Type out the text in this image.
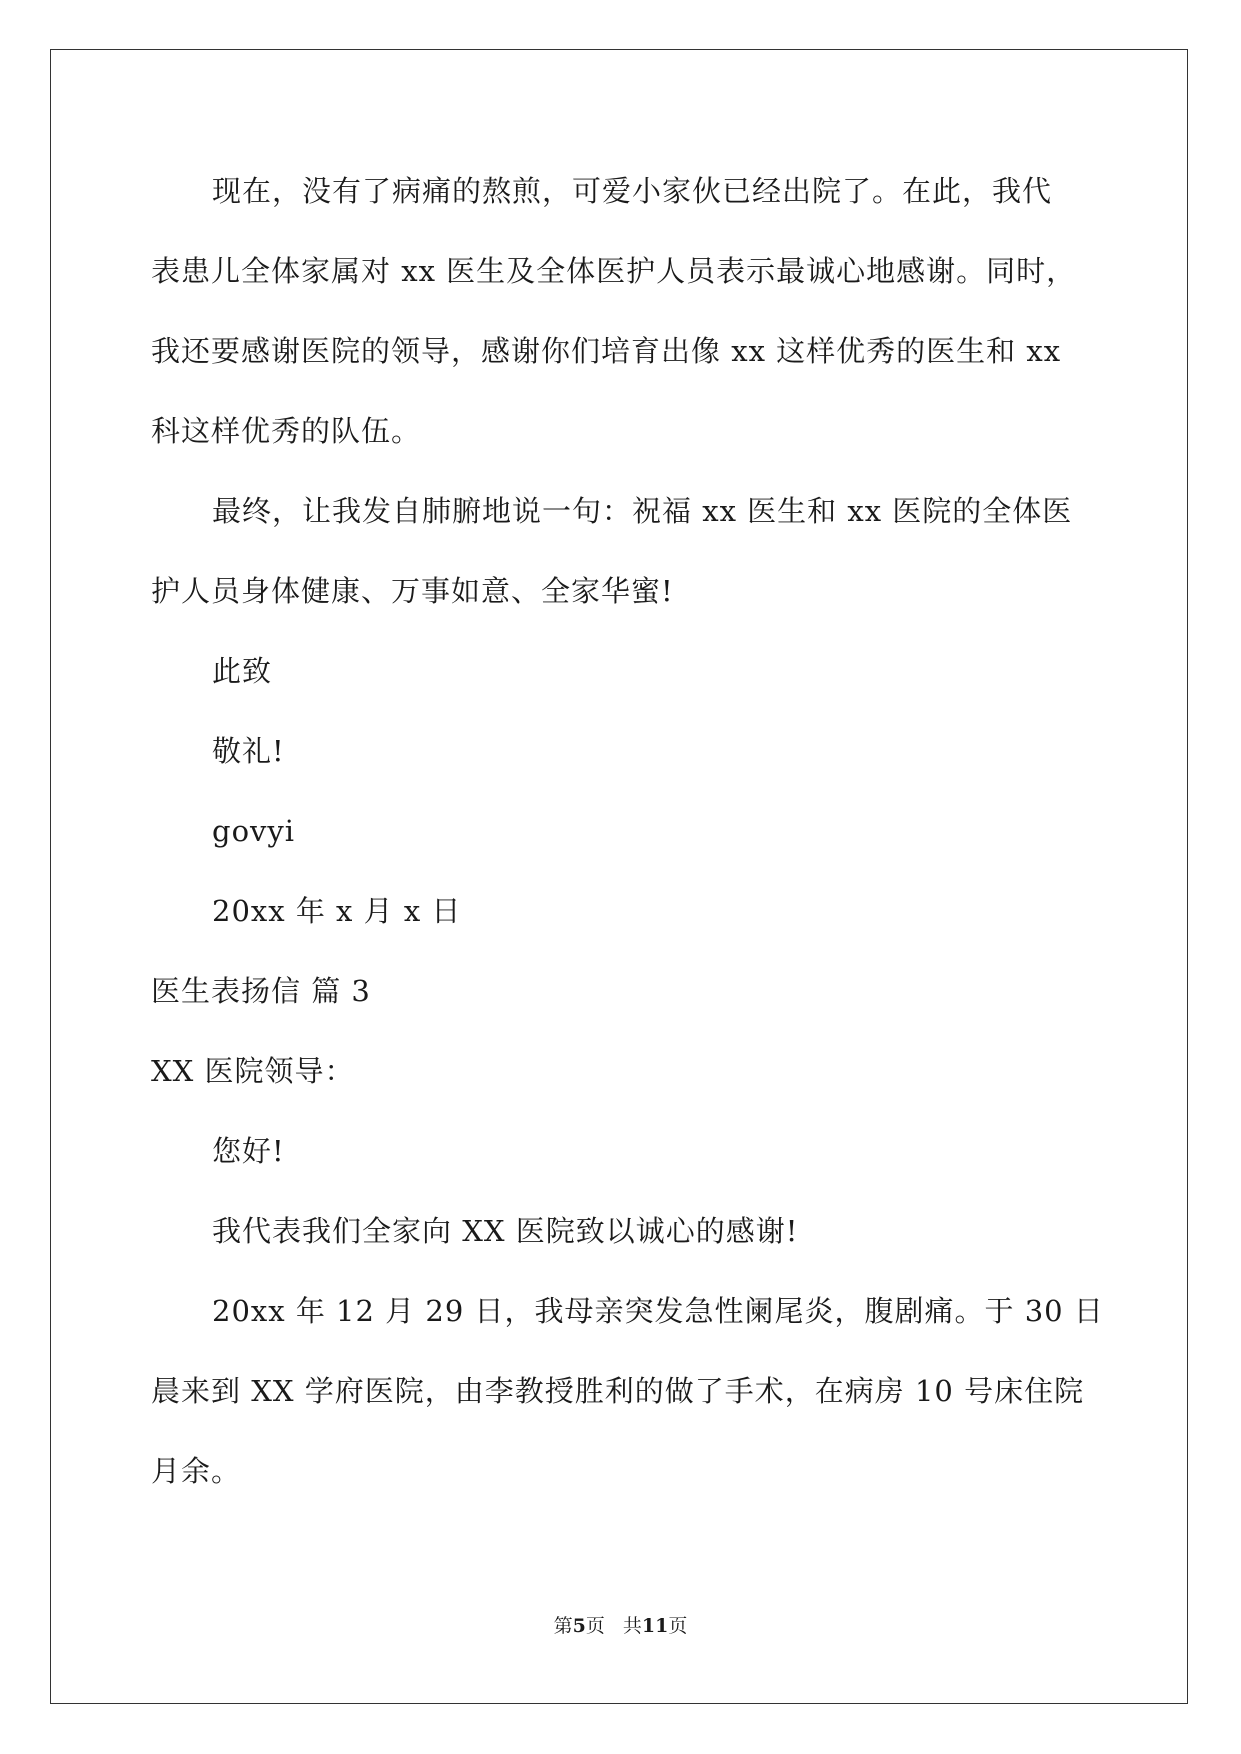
现在，没有了病痛的熬煎，可爱小家伙已经出院了。在此，我代
表患儿全体家属对 xx 医生及全体医护人员表示最诚心地感谢。同时，
我还要感谢医院的领导，感谢你们培育出像 xx 这样优秀的医生和 xx
科这样优秀的队伍。
最终，让我发自肺腑地说一句：祝福 xx 医生和 xx 医院的全体医
护人员身体健康、万事如意、全家华蜜!
此致
敬礼!
govyi
20xx 年 x 月 x 日
医生表扬信 篇 3
XX 医院领导：
您好!
我代表我们全家向 XX 医院致以诚心的感谢!
20xx 年 12 月 29 日，我母亲突发急性阑尾炎，腹剧痛。于 30 日
晨来到 XX 学府医院，由李教授胜利的做了手术，在病房 10 号床住院
月余。
第5页 共11页
